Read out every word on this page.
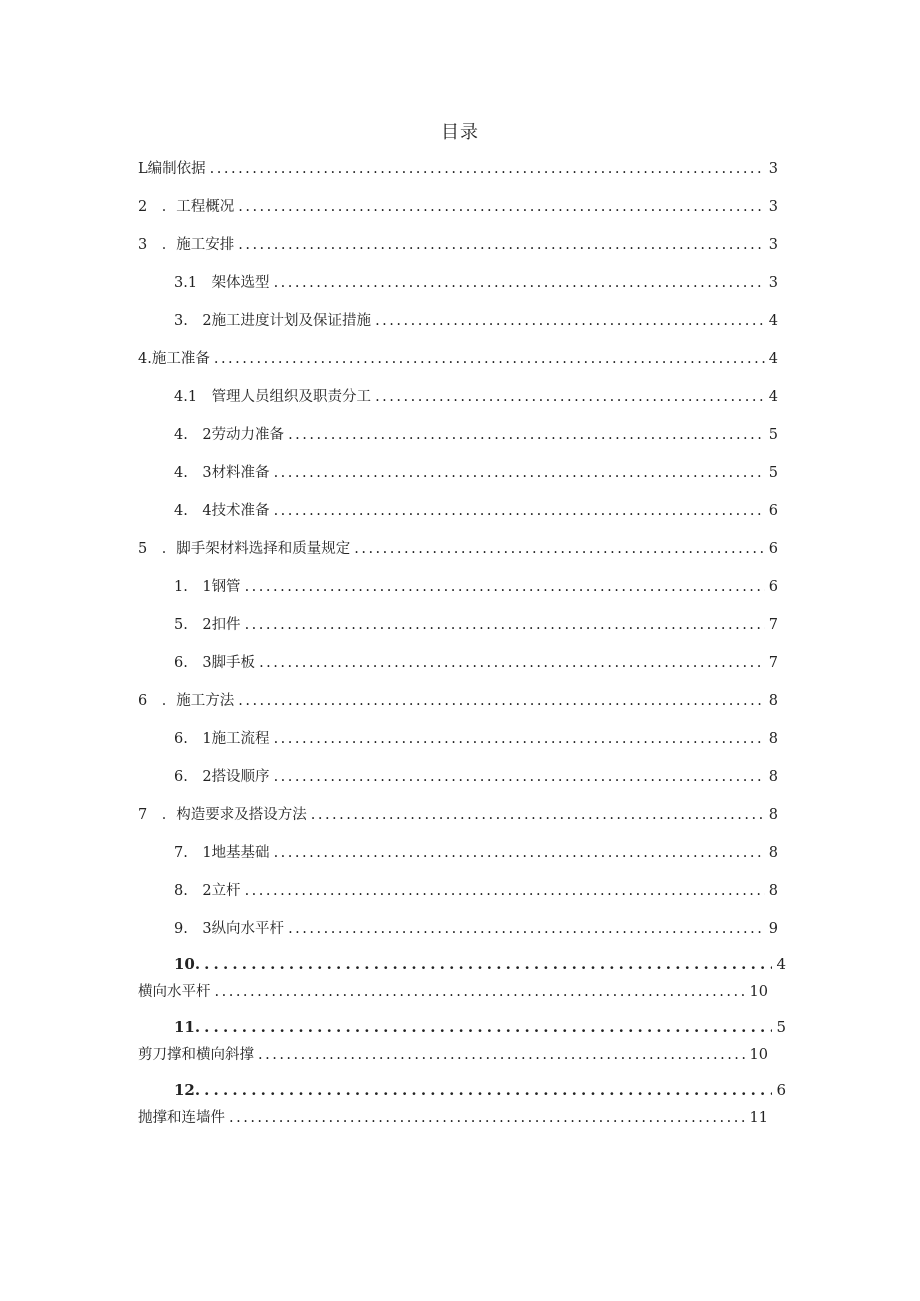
目录
L 编制依据 .....	3
2　． 工程概况 .....	3
3　． 施工安排 .....	3
3.1　 架体选型 .....	3
3.　2 施工进度计划及保证措施 .....	4
4. 施工准备 .....	4
4.1　 管理人员组织及职责分工 .....	4
4.　2 劳动力准备 .....	5
4.　3 材料准备 .....	5
4.　4 技术准备 .....	6
5　． 脚手架材料选择和质量规定 .....	6
1.　1 钢管 .....	6
5.　2 扣件 .....	7
6.　3 脚手板 .....	7
6　． 施工方法 .....	8
6.　1 施工流程 .....	8
6.　2 搭设顺序 .....	8
7　． 构造要求及搭设方法 .....	8
7.　1 地基基础 .....	8
8.　2 立杆 .....	8
9.　3 纵向水平杆 .....	9
10. .....	4
横向水平杆 .....	10
11. .....	5
剪刀撑和横向斜撑 .....	10
12. .....	6
抛撑和连墙件 .....	11
